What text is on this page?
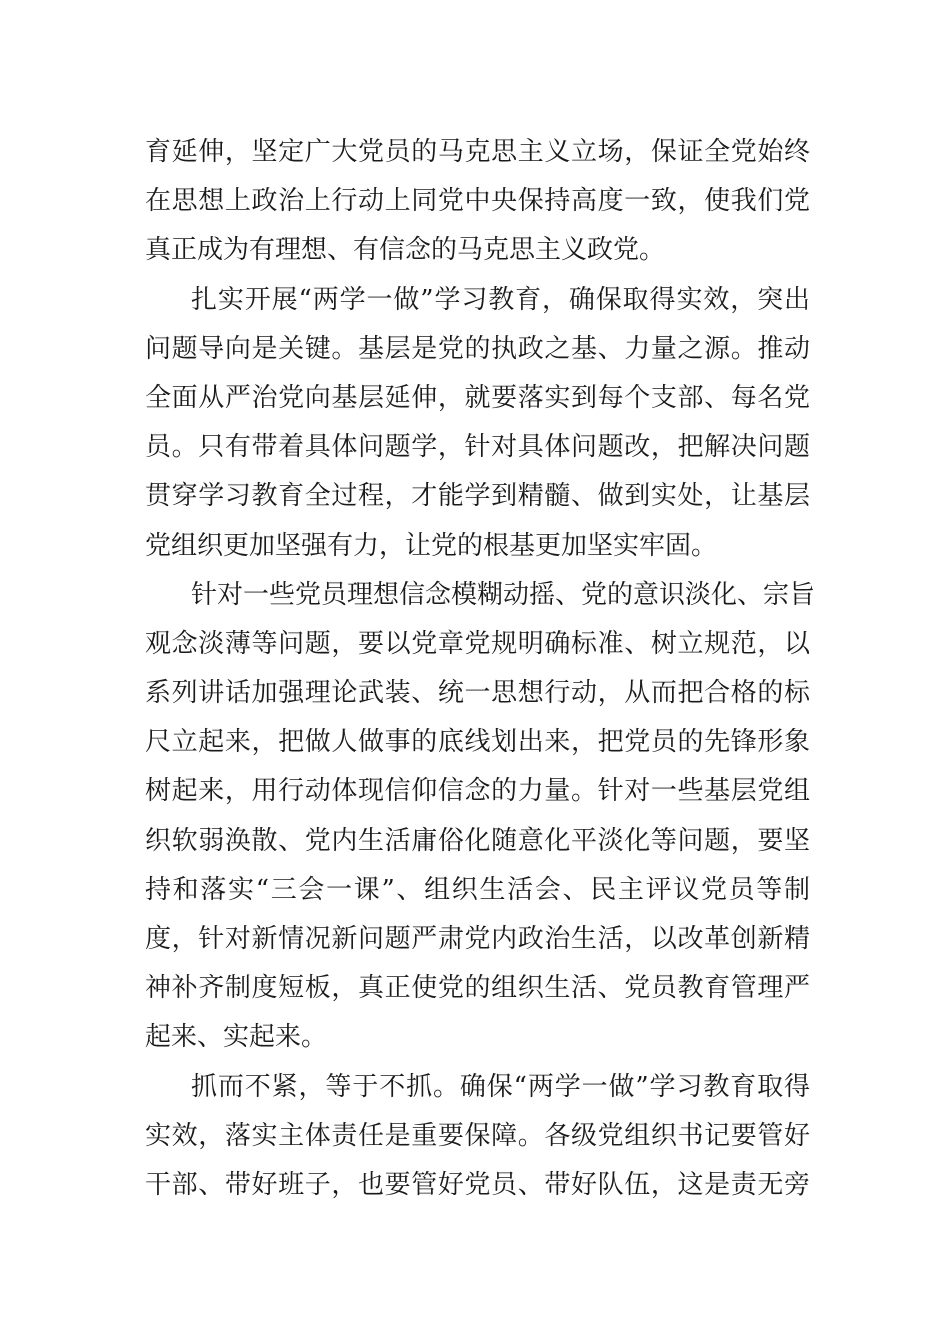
育延伸，坚定广大党员的马克思主义立场，保证全党始终
在思想上政治上行动上同党中央保持高度一致，使我们党
真正成为有理想、有信念的马克思主义政党。
扎实开展“两学一做”学习教育，确保取得实效，突出
问题导向是关键。基层是党的执政之基、力量之源。推动
全面从严治党向基层延伸，就要落实到每个支部、每名党
员。只有带着具体问题学，针对具体问题改，把解决问题
贯穿学习教育全过程，才能学到精髓、做到实处，让基层
党组织更加坚强有力，让党的根基更加坚实牢固。
针对一些党员理想信念模糊动摇、党的意识淡化、宗旨
观念淡薄等问题，要以党章党规明确标准、树立规范，以
系列讲话加强理论武装、统一思想行动，从而把合格的标
尺立起来，把做人做事的底线划出来，把党员的先锋形象
树起来，用行动体现信仰信念的力量。针对一些基层党组
织软弱涣散、党内生活庸俗化随意化平淡化等问题，要坚
持和落实“三会一课”、组织生活会、民主评议党员等制
度，针对新情况新问题严肃党内政治生活，以改革创新精
神补齐制度短板，真正使党的组织生活、党员教育管理严
起来、实起来。
抓而不紧，等于不抓。确保“两学一做”学习教育取得
实效，落实主体责任是重要保障。各级党组织书记要管好
干部、带好班子，也要管好党员、带好队伍，这是责无旁
